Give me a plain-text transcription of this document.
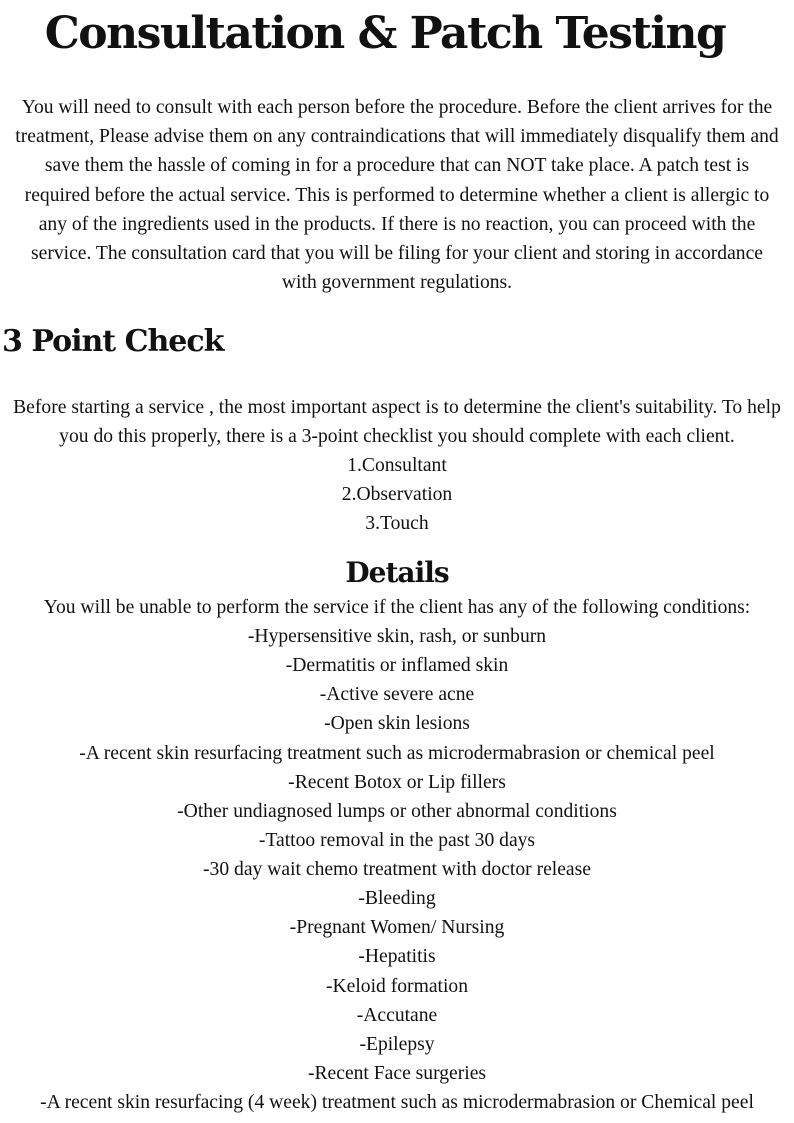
Consultation & Patch Testing

You will need to consult with each person before the procedure. Before the client arrives for the treatment, Please advise them on any contraindications that will immediately disqualify them and save them the hassle of coming in for a procedure that can NOT take place. A patch test is required before the actual service. This is performed to determine whether a client is allergic to any of the ingredients used in the products. If there is no reaction, you can proceed with the service. The consultation card that you will be filing for your client and storing in accordance with government regulations.

3 Point Check

Before starting a service , the most important aspect is to determine the client's suitability. To help you do this properly, there is a 3-point checklist you should complete with each client.

1.Consultant
2.Observation
3.Touch
Details

You will be unable to perform the service if the client has any of the following conditions:

-Hypersensitive skin, rash, or sunburn
-Dermatitis or inflamed skin
-Active severe acne
-Open skin lesions
-A recent skin resurfacing treatment such as microdermabrasion or chemical peel
-Recent Botox or Lip fillers
-Other undiagnosed lumps or other abnormal conditions
-Tattoo removal in the past 30 days
-30 day wait chemo treatment with doctor release
-Bleeding
-Pregnant Women/ Nursing
-Hepatitis
-Keloid formation
-Accutane
-Epilepsy
-Recent Face surgeries
-A recent skin resurfacing (4 week) treatment such as microdermabrasion or Chemical peel
